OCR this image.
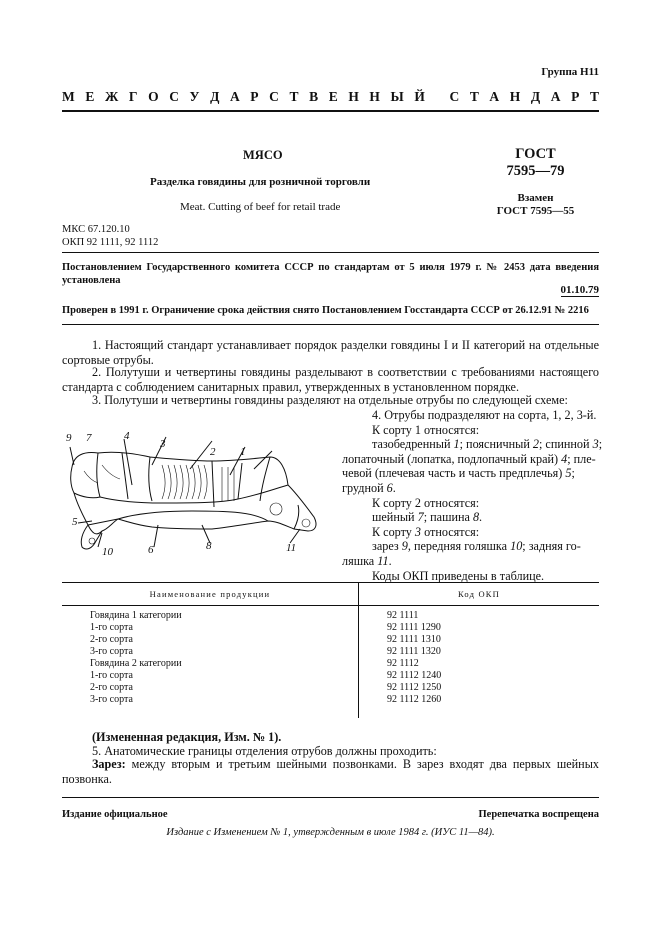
Группа Н11
М Е Ж Г О С У Д А Р С Т В Е Н Н Ы Й
С Т А Н Д А Р Т
МЯСО
Разделка говядины для розничной торговли
Meat. Cutting of beef for retail trade
ГОСТ
7595—79
Взамен
ГОСТ 7595—55
МКС 67.120.10
ОКП 92 1111, 92 1112
Постановлением Государственного комитета СССР по стандартам от 5 июля 1979 г. № 2453 дата введения установлена
01.10.79
Проверен в 1991 г. Ограничение срока действия снято Постановлением Госстандарта СССР от 26.12.91 № 2216
1. Настоящий стандарт устанавливает порядок разделки говядины I и II категорий на отдельные сортовые отрубы.
2. Полутуши и четвертины говядины разделывают в соответствии с требованиями настоящего стандарта с соблюдением санитарных правил, утвержденных в установленном порядке.
3. Полутуши и четвертины говядины разделяют на отдельные отрубы по следующей схеме:
9 7	4
3
2 1
5
10	6	8	11
4. Отрубы подразделяют на сорта, 1, 2, 3-й.
К сорту 1 относятся:
тазобедренный 1; поясничный 2; спинной 3;
лопаточный (лопатка, подлопачный край) 4; пле-
чевой (плечевая часть и часть предплечья) 5;
грудной 6.
К сорту 2 относятся:
шейный 7; пашина 8.
К сорту 3 относятся:
зарез 9, передняя голяшка 10; задняя го-
ляшка 11.
Коды ОКП приведены в таблице.
Наименование продукции	Код ОКП
Говядина 1 категории	92 1111
1-го сорта	92 1111 1290
2-го сорта	92 1111 1310
3-го сорта	92 1111 1320
Говядина 2 категории	92 1112
1-го сорта	92 1112 1240
2-го сорта	92 1112 1250
3-го сорта	92 1112 1260

(Измененная редакция, Изм. № 1).
5. Анатомические границы отделения отрубов должны проходить:
Зарез: между вторым и третьим шейными позвонками. В зарез входят два первых шейных позвонка.
Издание официальное	Перепечатка воспрещена
Издание с Изменением № 1, утвержденным в июле 1984 г. (ИУС 11—84).
